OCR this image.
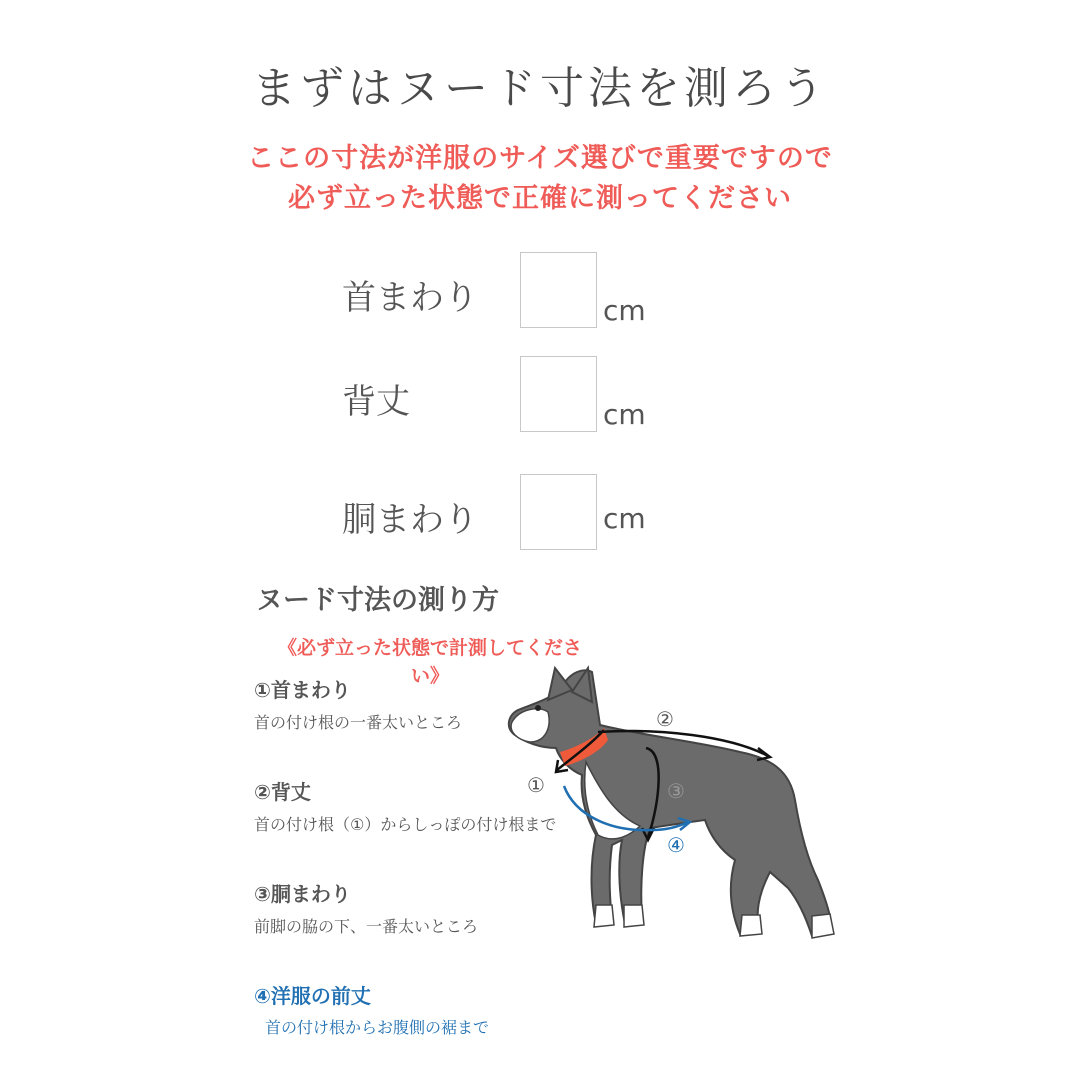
まずはヌード寸法を測ろう
ここの寸法が洋服のサイズ選びで重要ですので
必ず立った状態で正確に測ってください
首まわり	cm
背丈	cm
胴まわり	cm
ヌード寸法の測り方
《必ず立った状態で計測してくださ
い》
①首まわり
首の付け根の一番太いところ
②背丈
首の付け根（①）からしっぽの付け根まで
③胴まわり
前脚の脇の下、一番太いところ
④洋服の前丈
首の付け根からお腹側の裾まで
①
②
③
④
